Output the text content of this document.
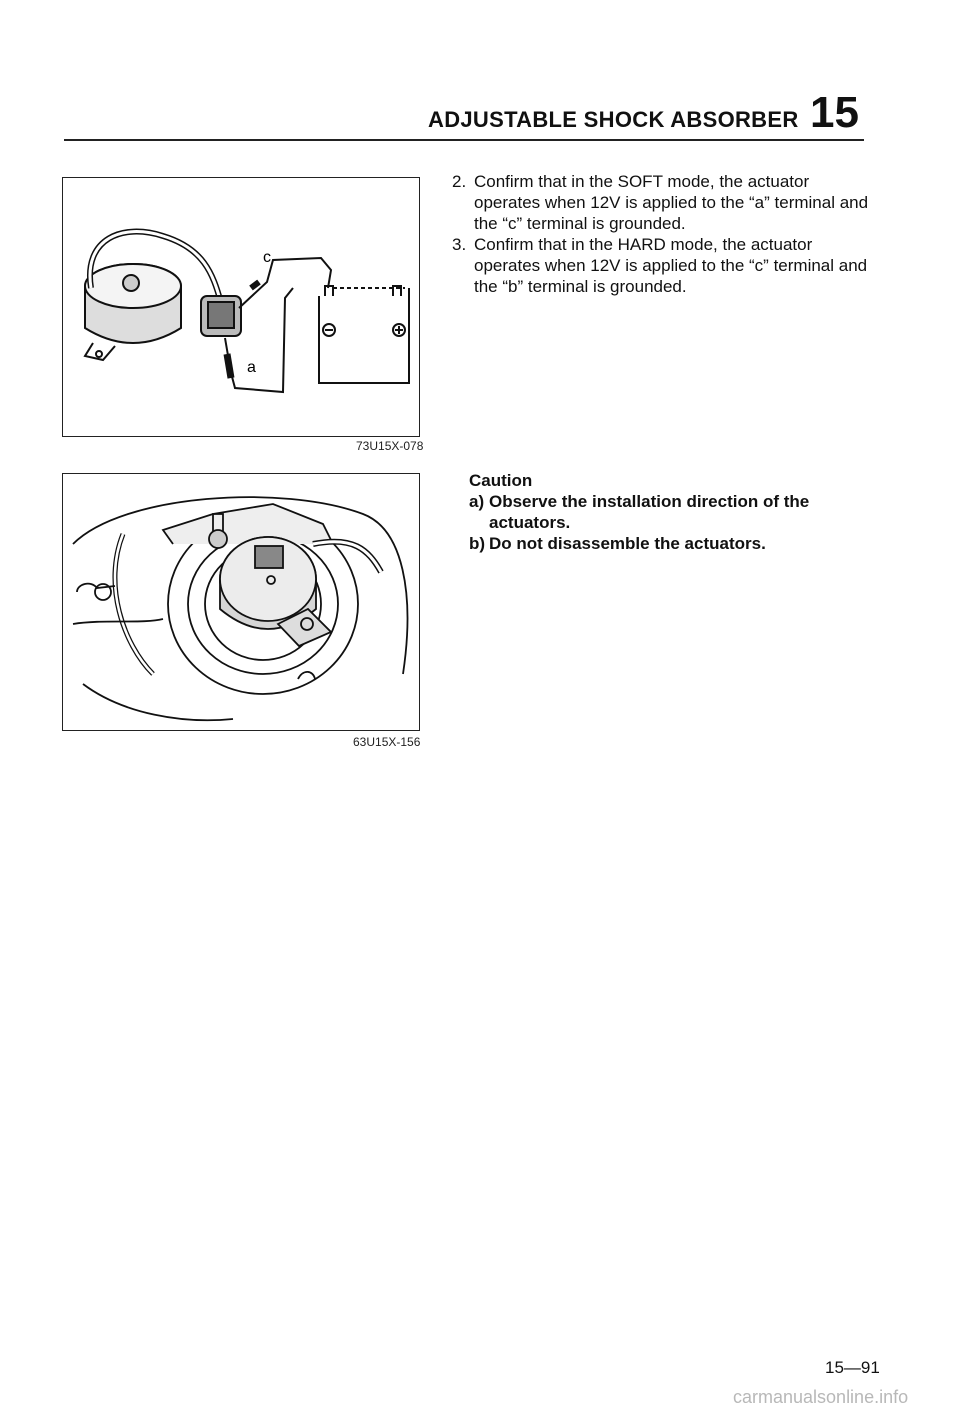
ADJUSTABLE SHOCK ABSORBER 15
c
a
73U15X-078
63U15X-156
2. Confirm that in the SOFT mode, the actuator operates when 12V is applied to the “a” terminal and the “c” terminal is grounded.
3. Confirm that in the HARD mode, the actuator operates when 12V is applied to the “c” terminal and the “b” terminal is grounded.
Caution
a) Observe the installation direction of the actuators.
b) Do not disassemble the actuators.
15—91
carmanualsonline.info
